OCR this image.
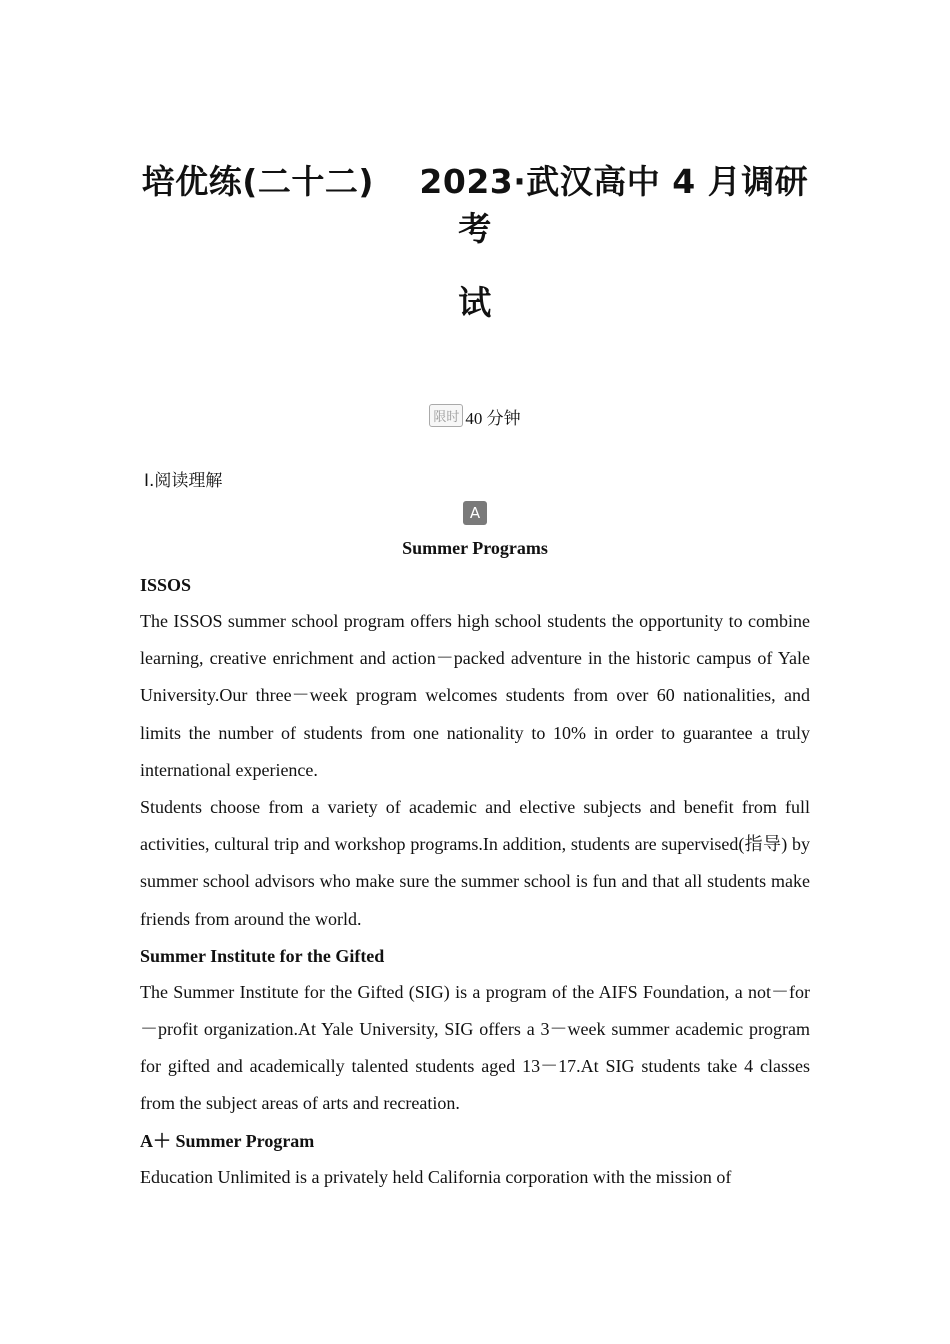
培优练(二十二)　 2023·武汉高中 4 月调研考
试
限时 40 分钟
Ⅰ.阅读理解
A
Summer Programs
ISSOS
The ISSOS summer school program offers high school students the opportunity to combine learning, creative enrichment and action－packed adventure in the historic campus of Yale University.Our three－week program welcomes students from over 60 nationalities, and limits the number of students from one nationality to 10% in order to guarantee a truly international experience.
Students choose from a variety of academic and elective subjects and benefit from full activities, cultural trip and workshop programs.In addition, students are supervised(指导) by summer school advisors who make sure the summer school is fun and that all students make friends from around the world.
Summer Institute for the Gifted
The Summer Institute for the Gifted (SIG) is a program of the AIFS Foundation, a not－for－profit organization.At Yale University, SIG offers a 3－week summer academic program for gifted and academically talented students aged 13－17.At SIG students take 4 classes from the subject areas of arts and recreation.
A＋ Summer Program
Education Unlimited is a privately held California corporation with the mission of
